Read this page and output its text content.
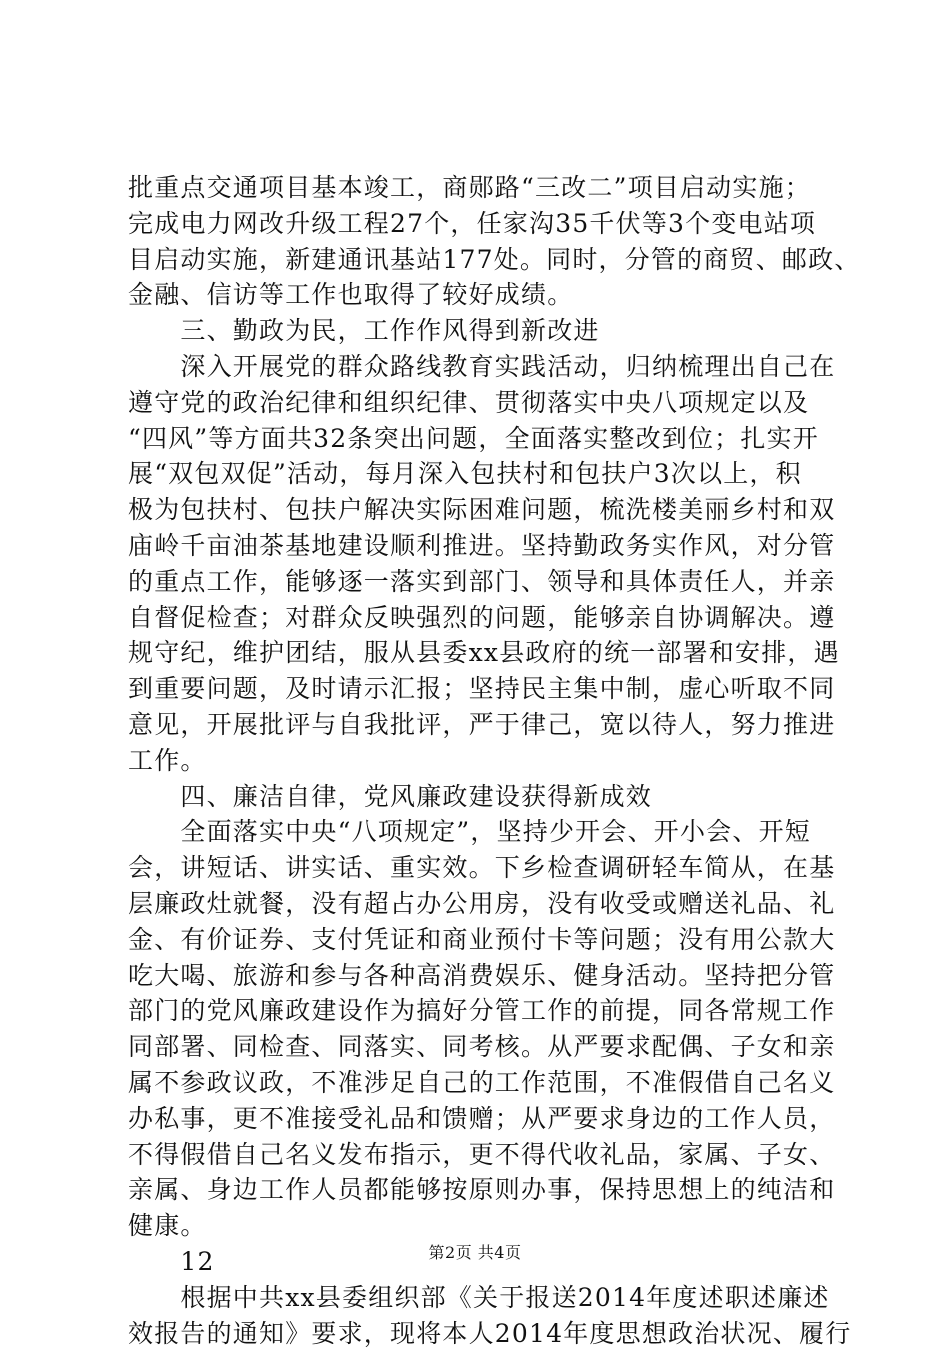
批重点交通项目基本竣工，商郧路“三改二”项目启动实施；
完成电力网改升级工程27个，任家沟35千伏等3个变电站项
目启动实施，新建通讯基站177处。同时，分管的商贸、邮政、
金融、信访等工作也取得了较好成绩。
　　三、勤政为民，工作作风得到新改进
　　深入开展党的群众路线教育实践活动，归纳梳理出自己在
遵守党的政治纪律和组织纪律、贯彻落实中央八项规定以及
“四风”等方面共32条突出问题，全面落实整改到位；扎实开
展“双包双促”活动，每月深入包扶村和包扶户3次以上，积
极为包扶村、包扶户解决实际困难问题，梳洗楼美丽乡村和双
庙岭千亩油茶基地建设顺利推进。坚持勤政务实作风，对分管
的重点工作，能够逐一落实到部门、领导和具体责任人，并亲
自督促检查；对群众反映强烈的问题，能够亲自协调解决。遵
规守纪，维护团结，服从县委xx县政府的统一部署和安排，遇
到重要问题，及时请示汇报；坚持民主集中制，虚心听取不同
意见，开展批评与自我批评，严于律己，宽以待人，努力推进
工作。
　　四、廉洁自律，党风廉政建设获得新成效
　　全面落实中央“八项规定”，坚持少开会、开小会、开短
会，讲短话、讲实话、重实效。下乡检查调研轻车简从，在基
层廉政灶就餐，没有超占办公用房，没有收受或赠送礼品、礼
金、有价证券、支付凭证和商业预付卡等问题；没有用公款大
吃大喝、旅游和参与各种高消费娱乐、健身活动。坚持把分管
部门的党风廉政建设作为搞好分管工作的前提，同各常规工作
同部署、同检查、同落实、同考核。从严要求配偶、子女和亲
属不参政议政，不准涉足自己的工作范围，不准假借自己名义
办私事，更不准接受礼品和馈赠；从严要求身边的工作人员，
不得假借自己名义发布指示，更不得代收礼品，家属、子女、
亲属、身边工作人员都能够按原则办事，保持思想上的纯洁和
健康。
　　12
　　根据中共xx县委组织部《关于报送2014年度述职述廉述
效报告的通知》要求，现将本人2014年度思想政治状况、履行
第2页 共4页
